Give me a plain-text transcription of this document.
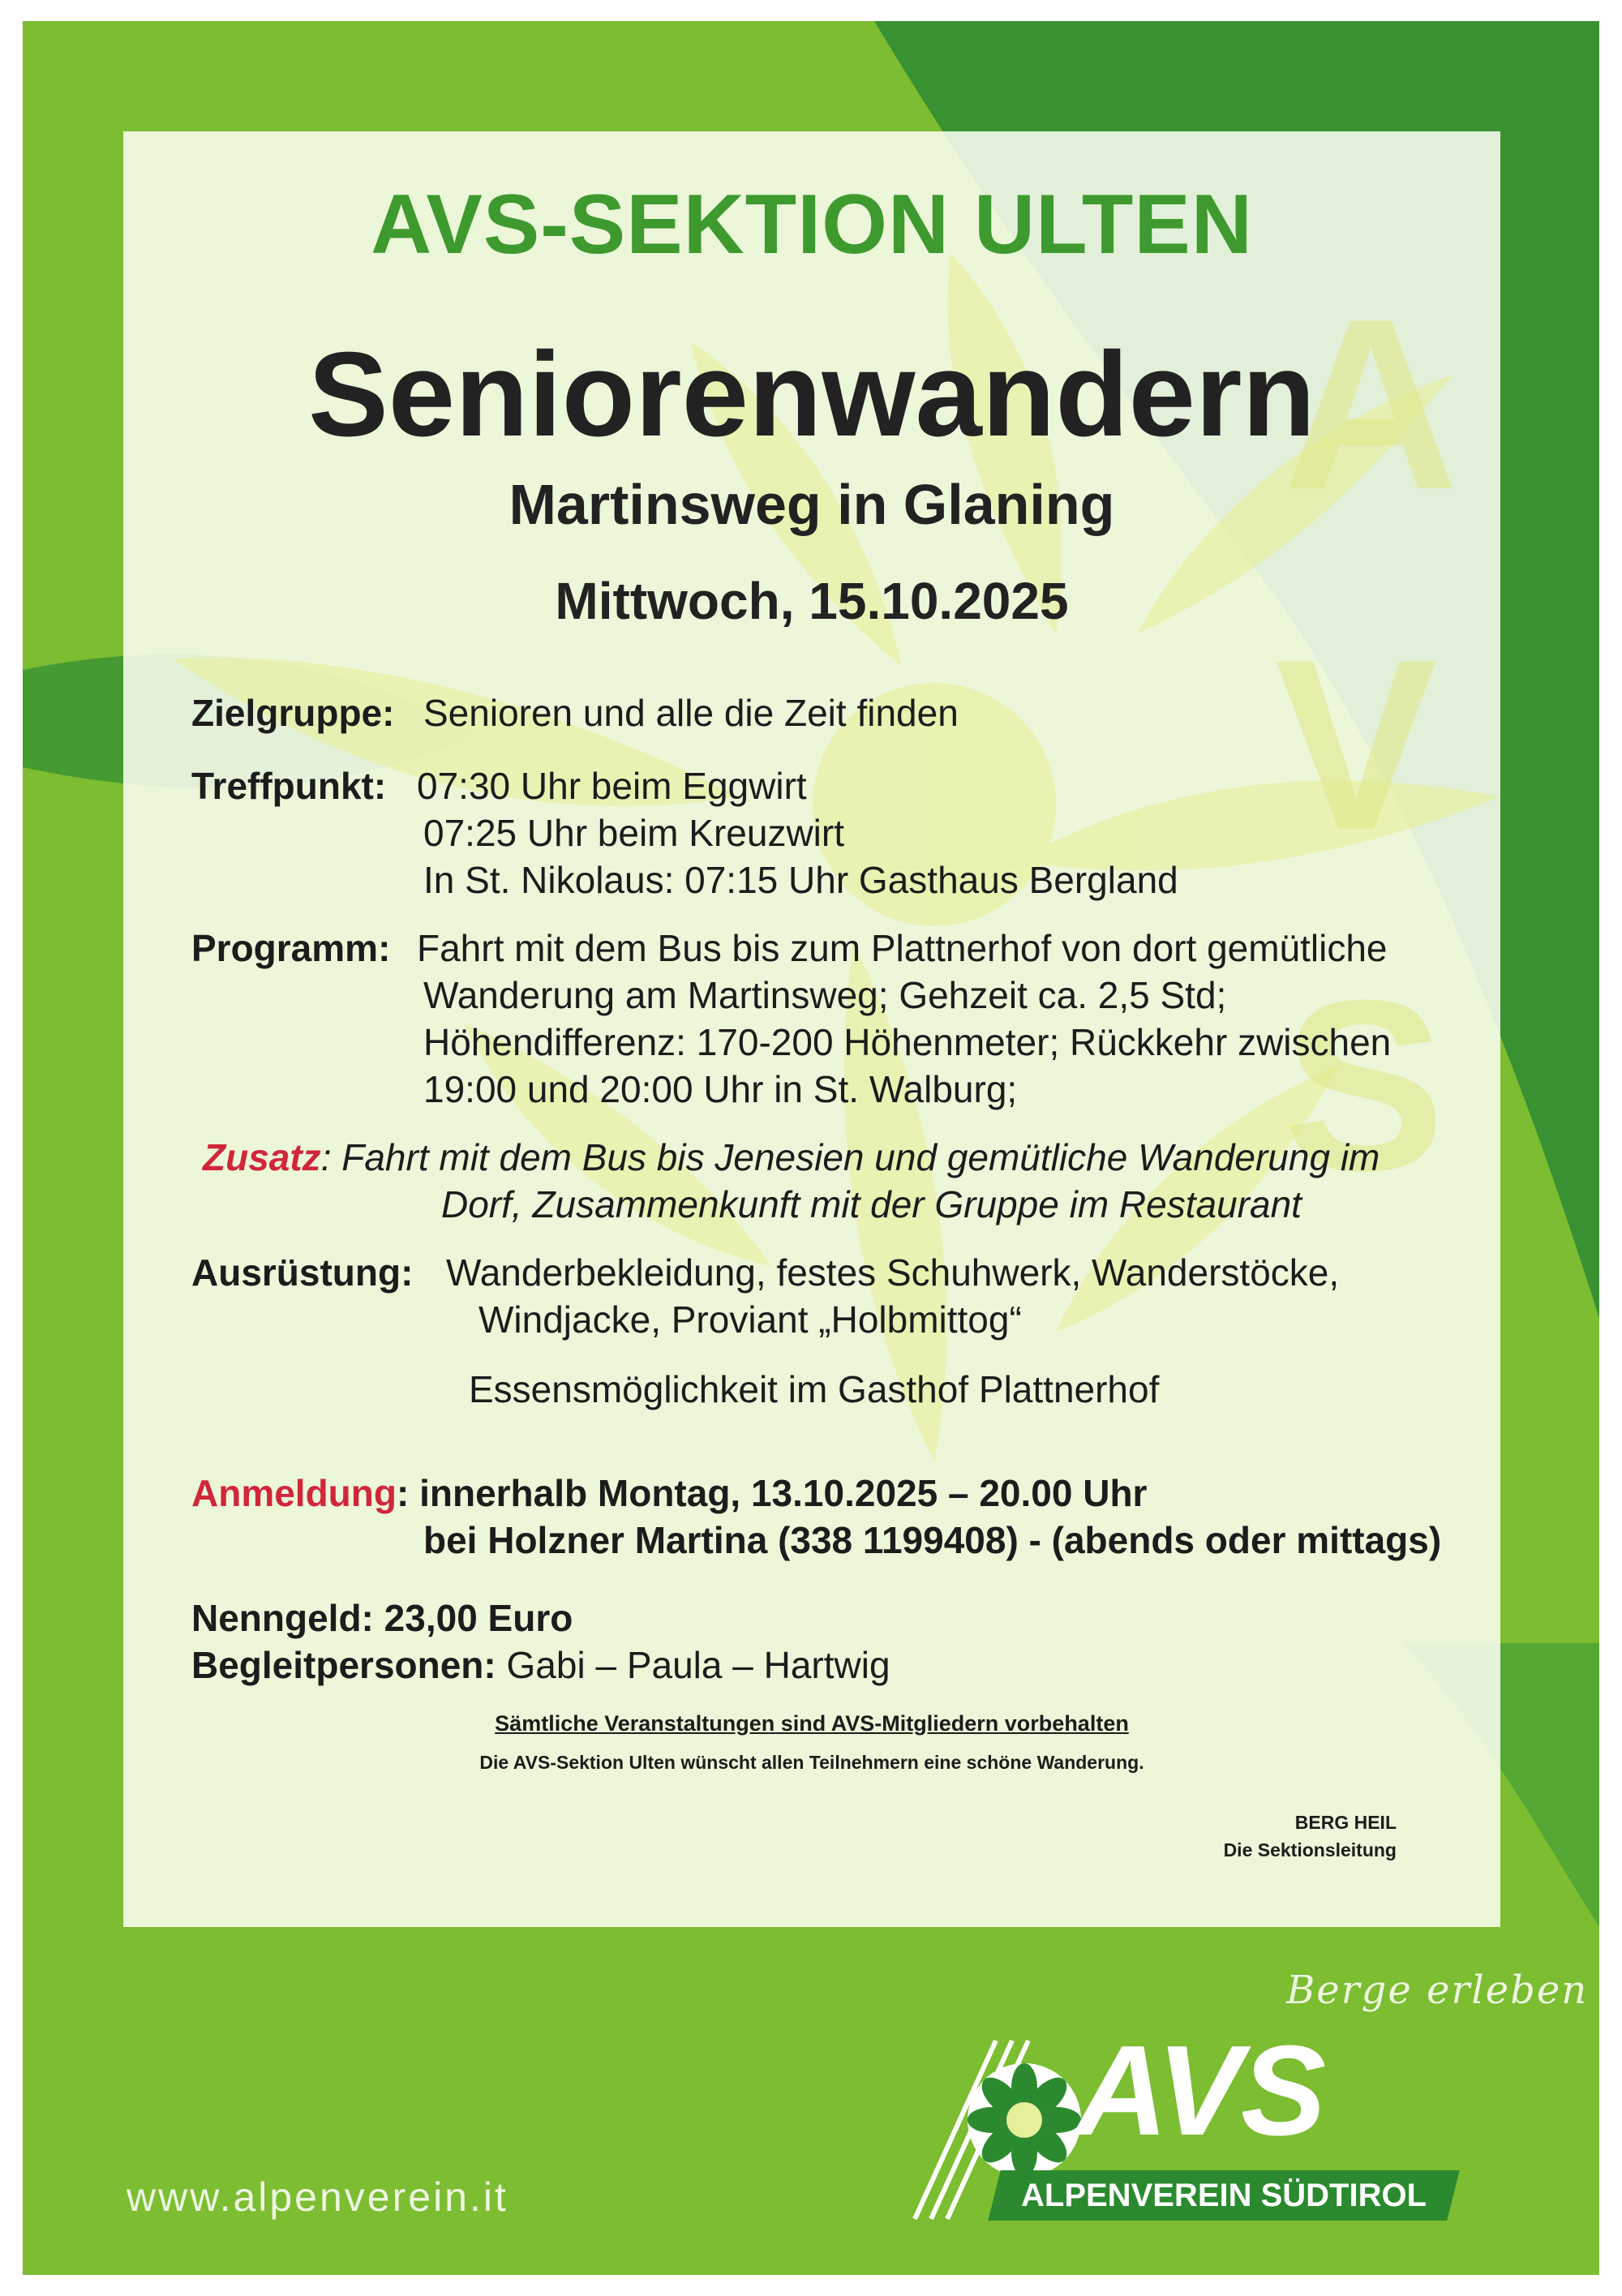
A
V
S
AVS-SEKTION ULTEN
Seniorenwandern
Martinsweg in Glaning
Mittwoch, 15.10.2025
Zielgruppe: Senioren und alle die Zeit finden
Treffpunkt: 07:30 Uhr beim Eggwirt
07:25 Uhr beim Kreuzwirt
In St. Nikolaus: 07:15 Uhr Gasthaus Bergland
Programm: Fahrt mit dem Bus bis zum Plattnerhof von dort gemütliche
Wanderung am Martinsweg; Gehzeit ca. 2,5 Std;
Höhendifferenz: 170-200 Höhenmeter; Rückkehr zwischen
19:00 und 20:00 Uhr in St. Walburg;
Zusatz: Fahrt mit dem Bus bis Jenesien und gemütliche Wanderung im
Dorf, Zusammenkunft mit der Gruppe im Restaurant
Ausrüstung: Wanderbekleidung, festes Schuhwerk, Wanderstöcke,
Windjacke, Proviant „Holbmittog“
Essensmöglichkeit im Gasthof Plattnerhof
Anmeldung: innerhalb Montag, 13.10.2025 – 20.00 Uhr
bei Holzner Martina (338 1199408) - (abends oder mittags)
Nenngeld: 23,00 Euro
Begleitpersonen: Gabi – Paula – Hartwig
Sämtliche Veranstaltungen sind AVS-Mitgliedern vorbehalten
Die AVS-Sektion Ulten wünscht allen Teilnehmern eine schöne Wanderung.
BERG HEIL
Die Sektionsleitung
Berge erleben
AVS
ALPENVEREIN SÜDTIROL
www.alpenverein.it
